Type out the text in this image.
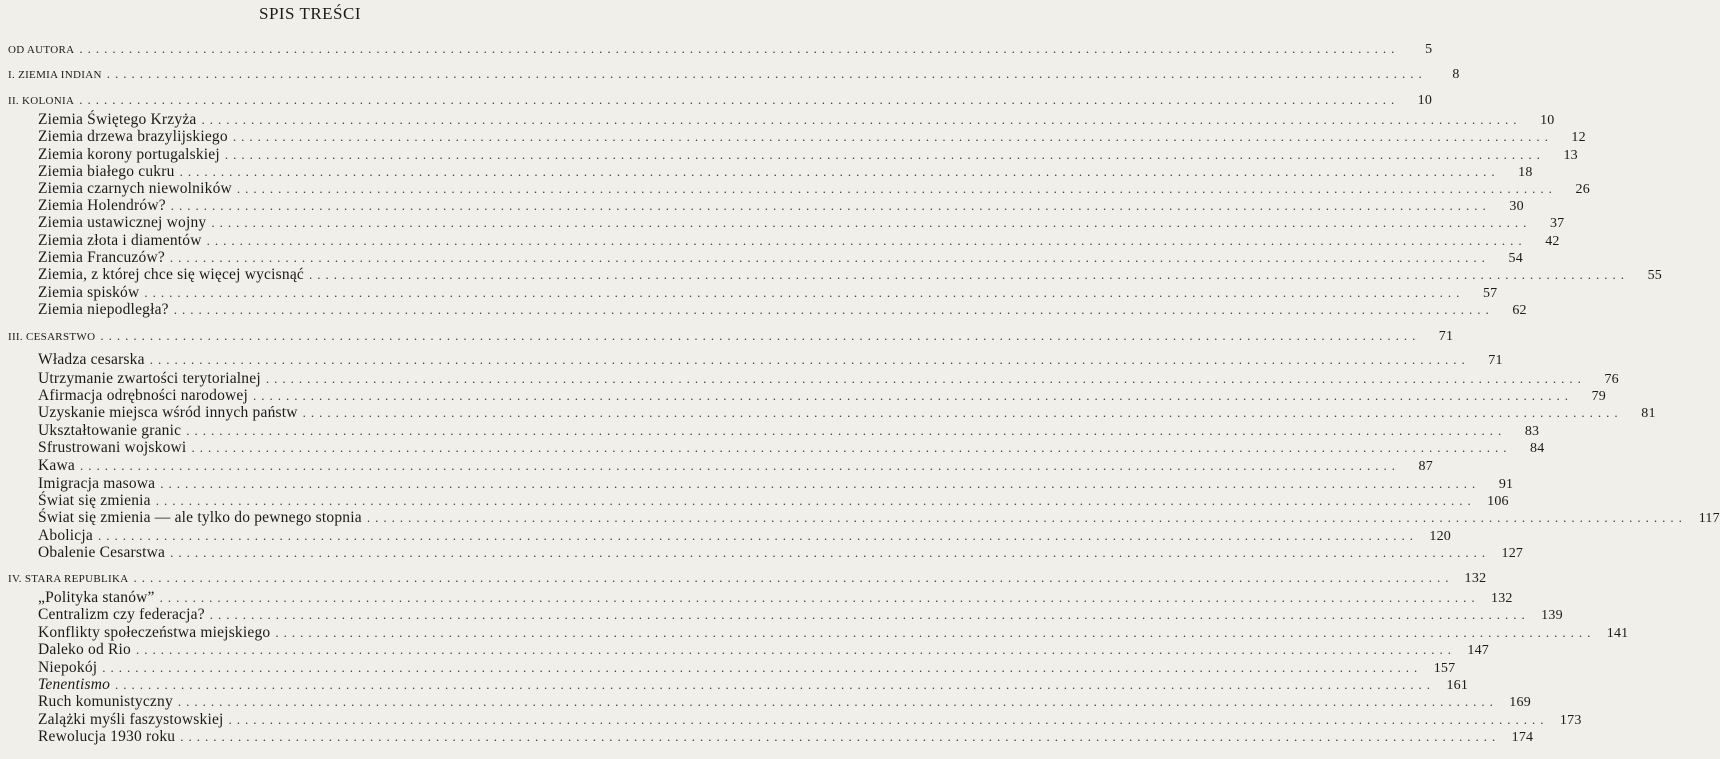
SPIS TREŚCI
OD AUTORA ................................................................................................................................................................	5
I. ZIEMIA INDIAN ................................................................................................................................................................	8
II. KOLONIA ................................................................................................................................................................	10
Ziemia Świętego Krzyża ................................................................................................................................................................	10
Ziemia drzewa brazylijskiego ................................................................................................................................................................	12
Ziemia korony portugalskiej ................................................................................................................................................................	13
Ziemia białego cukru ................................................................................................................................................................	18
Ziemia czarnych niewolników ................................................................................................................................................................	26
Ziemia Holendrów? ................................................................................................................................................................	30
Ziemia ustawicznej wojny ................................................................................................................................................................	37
Ziemia złota i diamentów ................................................................................................................................................................	42
Ziemia Francuzów? ................................................................................................................................................................	54
Ziemia, z której chce się więcej wycisnąć ................................................................................................................................................................	55
Ziemia spisków ................................................................................................................................................................	57
Ziemia niepodległa? ................................................................................................................................................................	62
III. CESARSTWO ................................................................................................................................................................	71
Władza cesarska ................................................................................................................................................................	71
Utrzymanie zwartości terytorialnej ................................................................................................................................................................	76
Afirmacja odrębności narodowej ................................................................................................................................................................	79
Uzyskanie miejsca wśród innych państw ................................................................................................................................................................	81
Ukształtowanie granic ................................................................................................................................................................	83
Sfrustrowani wojskowi ................................................................................................................................................................	84
Kawa ................................................................................................................................................................	87
Imigracja masowa ................................................................................................................................................................	91
Świat się zmienia ................................................................................................................................................................ 106
Świat się zmienia — ale tylko do pewnego stopnia ................................................................................................................................................................ 117
Abolicja ................................................................................................................................................................ 120
Obalenie Cesarstwa ................................................................................................................................................................ 127
IV. STARA REPUBLIKA ................................................................................................................................................................ 132
„Polityka stanów” ................................................................................................................................................................ 132
Centralizm czy federacja? ................................................................................................................................................................ 139
Konflikty społeczeństwa miejskiego ................................................................................................................................................................ 141
Daleko od Rio ................................................................................................................................................................ 147
Niepokój ................................................................................................................................................................ 157
Tenentismo ................................................................................................................................................................ 161
Ruch komunistyczny ................................................................................................................................................................ 169
Zalążki myśli faszystowskiej ................................................................................................................................................................ 173
Rewolucja 1930 roku ................................................................................................................................................................ 174
